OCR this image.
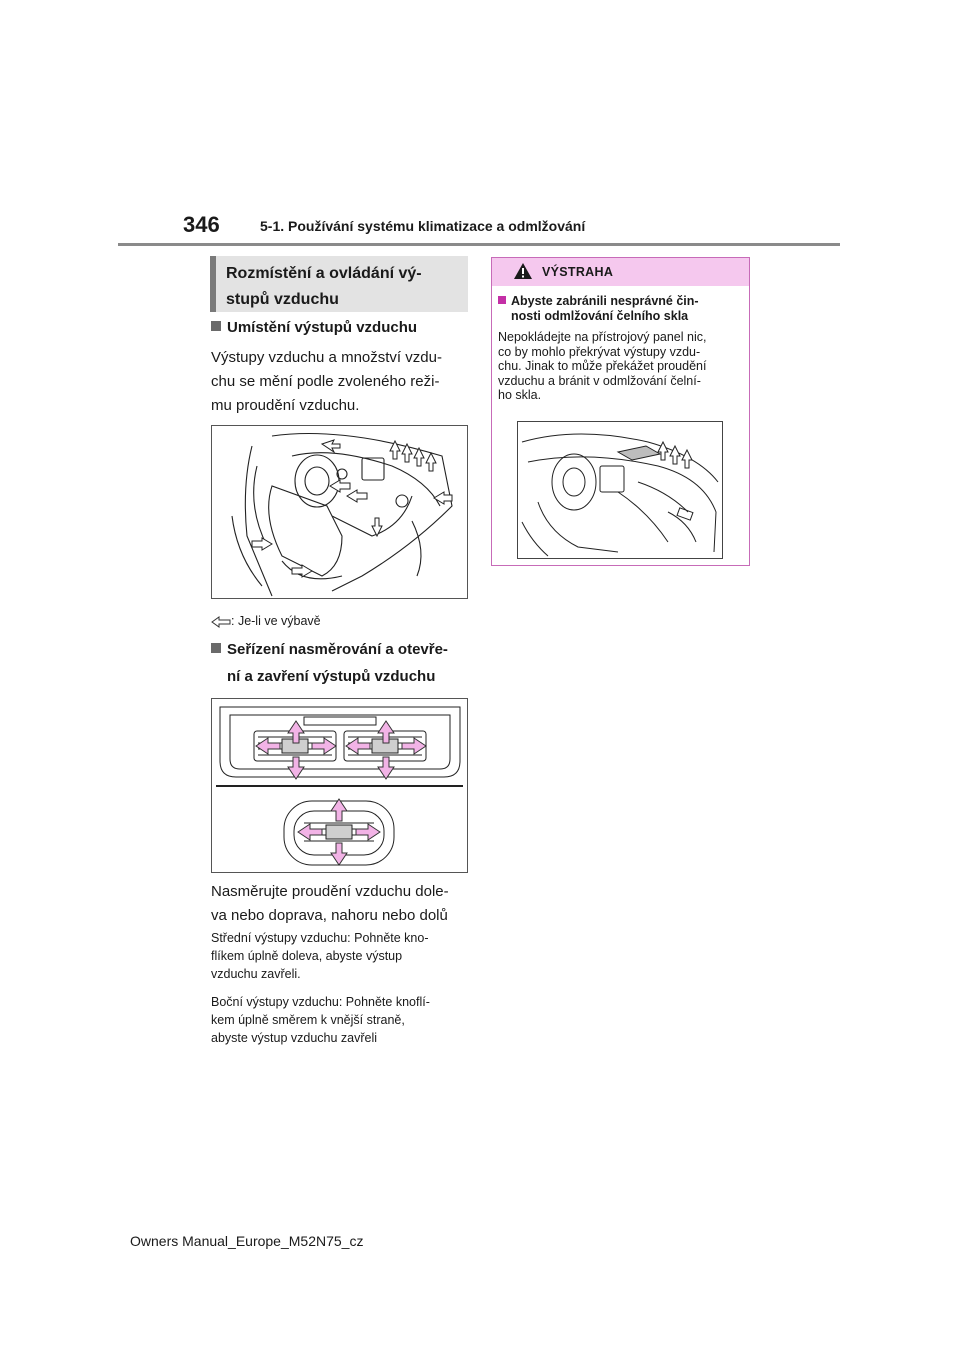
346	5-1. Používání systému klimatizace a odmlžování
Rozmístění a ovládání vý-
stupů vzduchu
Umístění výstupů vzduchu
Výstupy vzduchu a množství vzdu-
chu se mění podle zvoleného reži-
mu proudění vzduchu.
: Je-li ve výbavě
Seřízení nasměrování a otevře-
ní a zavření výstupů vzduchu
Nasměrujte proudění vzduchu dole-
va nebo doprava, nahoru nebo dolů
Střední výstupy vzduchu: Pohněte kno-
flíkem úplně doleva, abyste výstup
vzduchu zavřeli.
Boční výstupy vzduchu: Pohněte knoflí-
kem úplně směrem k vnější straně,
abyste výstup vzduchu zavřeli
VÝSTRAHA
Abyste zabránili nesprávné čin-
nosti odmlžování čelního skla
Nepokládejte na přístrojový panel nic,
co by mohlo překrývat výstupy vzdu-
chu. Jinak to může překážet proudění
vzduchu a bránit v odmlžování čelní-
ho skla.
Owners Manual_Europe_M52N75_cz
